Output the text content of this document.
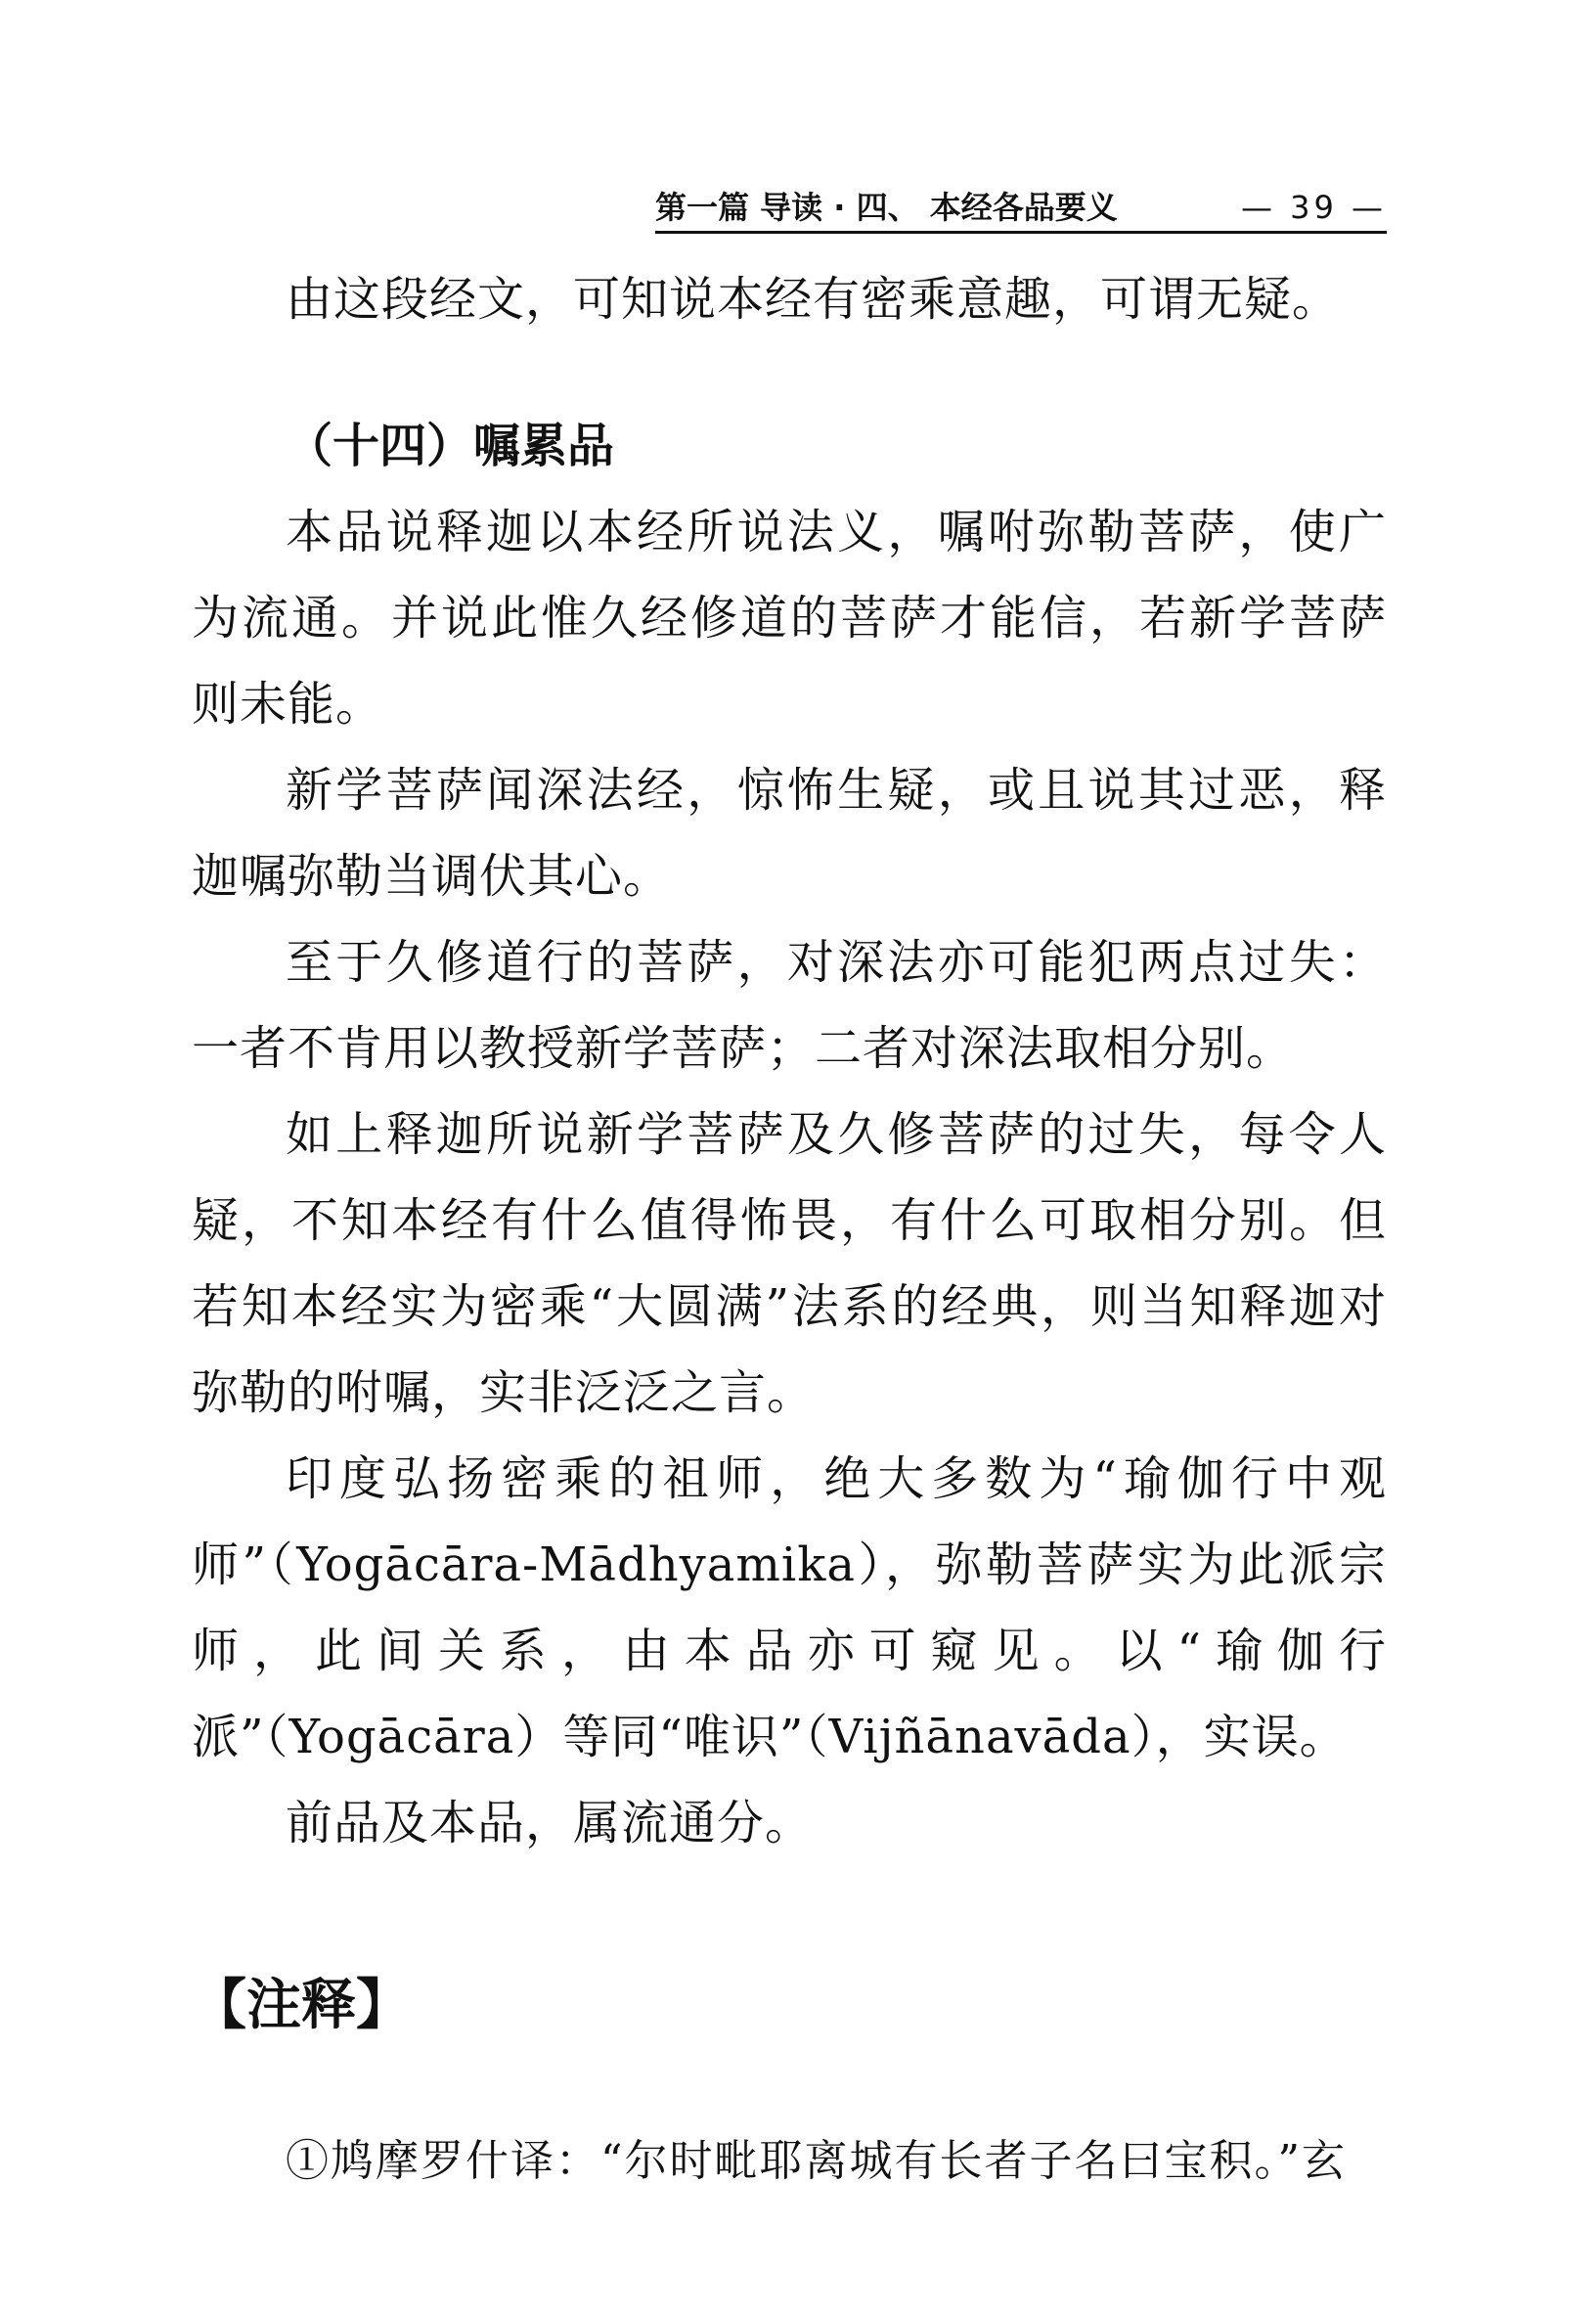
第一篇 导读 · 四、 本经各品要义	— 39 —

由这段经文，可知说本经有密乘意趣，可谓无疑。

（十四）嘱累品

本品说释迦以本经所说法义，嘱咐弥勒菩萨，使广为流通。并说此惟久经修道的菩萨才能信，若新学菩萨则未能。

新学菩萨闻深法经，惊怖生疑，或且说其过恶，释迦嘱弥勒当调伏其心。

至于久修道行的菩萨，对深法亦可能犯两点过失：一者不肯用以教授新学菩萨；二者对深法取相分别。

如上释迦所说新学菩萨及久修菩萨的过失，每令人疑，不知本经有什么值得怖畏，有什么可取相分别。但若知本经实为密乘“大圆满”法系的经典，则当知释迦对弥勒的咐嘱，实非泛泛之言。

印度弘扬密乘的祖师，绝大多数为“瑜伽行中观师”（Yogācāra-Mādhyamika），弥勒菩萨实为此派宗师，此间关系，由本品亦可窥见。以“瑜伽行派”（Yogācāra）等同“唯识”（Vijñānavāda），实误。

前品及本品，属流通分。

【注释】

①鸠摩罗什译：“尔时毗耶离城有长者子名曰宝积。”玄
